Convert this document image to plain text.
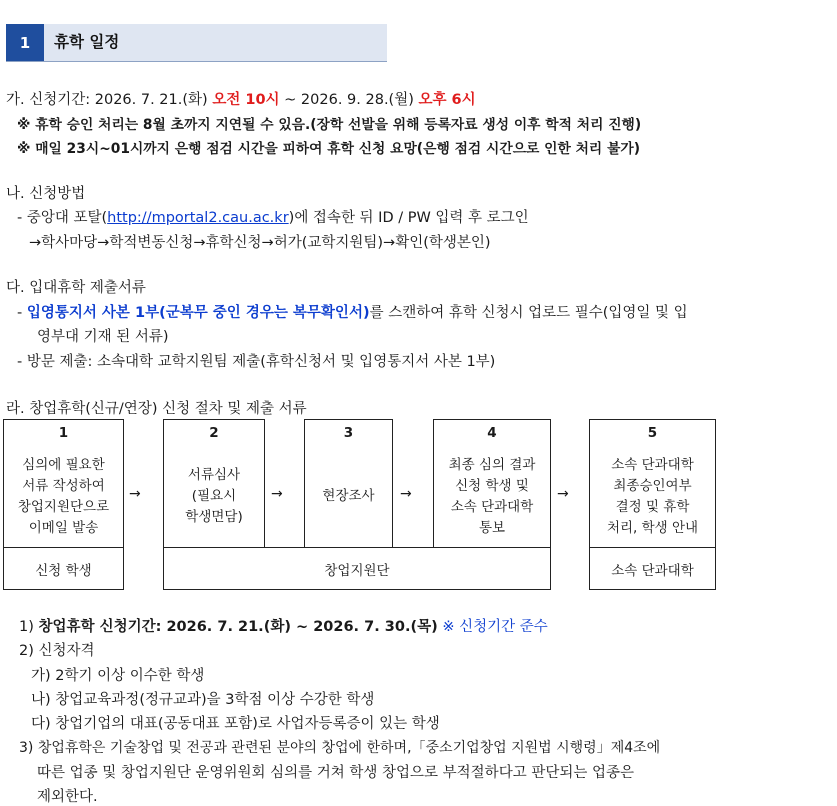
1	휴학 일정
가. 신청기간: 2026. 7. 21.(화) 오전 10시 ~ 2026. 9. 28.(월) 오후 6시
※ 휴학 승인 처리는 8월 초까지 지연될 수 있음.(장학 선발을 위해 등록자료 생성 이후 학적 처리 진행)
※ 매일 23시~01시까지 은행 점검 시간을 피하여 휴학 신청 요망(은행 점검 시간으로 인한 처리 불가)
나. 신청방법
- 중앙대 포탈(http://mportal2.cau.ac.kr)에 접속한 뒤 ID / PW 입력 후 로그인
→학사마당→학적변동신청→휴학신청→허가(교학지원팀)→확인(학생본인)
다. 입대휴학 제출서류
- 입영통지서 사본 1부(군복무 중인 경우는 복무확인서)를 스캔하여 휴학 신청시 업로드 필수(입영일 및 입
영부대 기재 된 서류)
- 방문 제출: 소속대학 교학지원팀 제출(휴학신청서 및 입영통지서 사본 1부)
라. 창업휴학(신규/연장) 신청 절차 및 제출 서류
1
심의에 필요한
서류 작성하여
창업지원단으로
이메일 발송
→
2
서류심사
(필요시
학생면담)
→
3
현장조사	→
4
최종 심의 결과
신청 학생 및
소속 단과대학
통보
→
5
소속 단과대학
최종승인여부
결정 및 휴학
처리, 학생 안내
신청 학생	창업지원단	소속 단과대학
1) 창업휴학 신청기간: 2026. 7. 21.(화) ~ 2026. 7. 30.(목) ※ 신청기간 준수
2) 신청자격
가) 2학기 이상 이수한 학생
나) 창업교육과정(정규교과)을 3학점 이상 수강한 학생
다) 창업기업의 대표(공동대표 포함)로 사업자등록증이 있는 학생
3) 창업휴학은 기술창업 및 전공과 관련된 분야의 창업에 한하며,「중소기업창업 지원법 시행령」제4조에
따른 업종 및 창업지원단 운영위원회 심의를 거쳐 학생 창업으로 부적절하다고 판단되는 업종은
제외한다.
